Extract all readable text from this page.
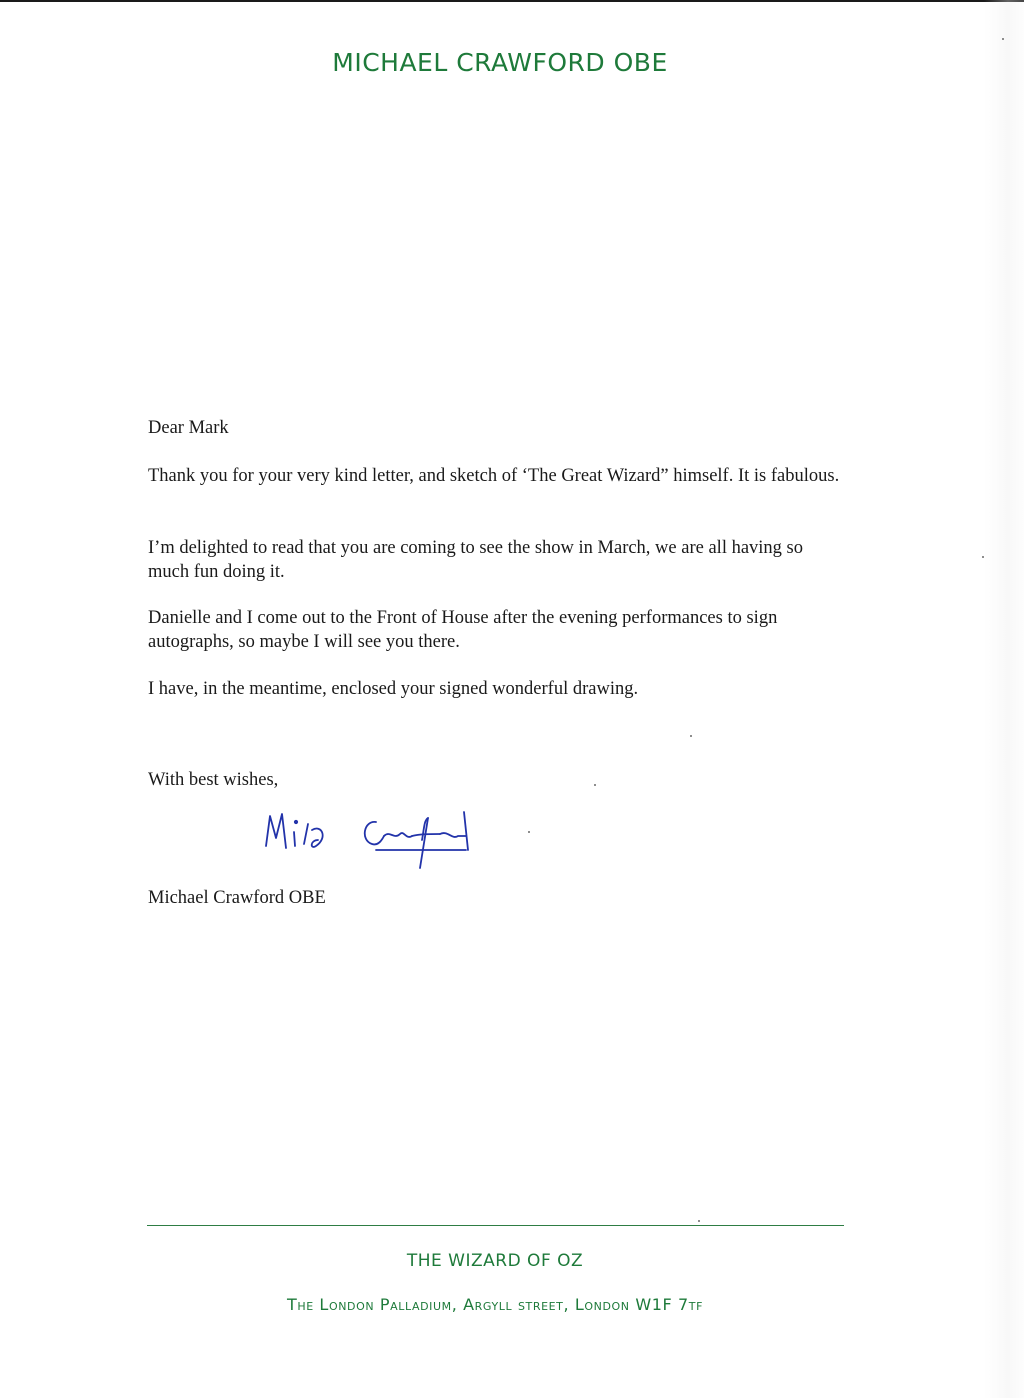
MICHAEL CRAWFORD OBE
Dear Mark
Thank you for your very kind letter, and sketch of ‘The Great Wizard” himself. It is fabulous.
I’m delighted to read that you are coming to see the show in March, we are all having so much fun doing it.
Danielle and I come out to the Front of House after the evening performances to sign autographs, so maybe I will see you there.
I have, in the meantime, enclosed your signed wonderful drawing.
With best wishes,
Michael Crawford OBE
THE WIZARD OF OZ
The London Palladium, Argyll street, London W1F 7tf
